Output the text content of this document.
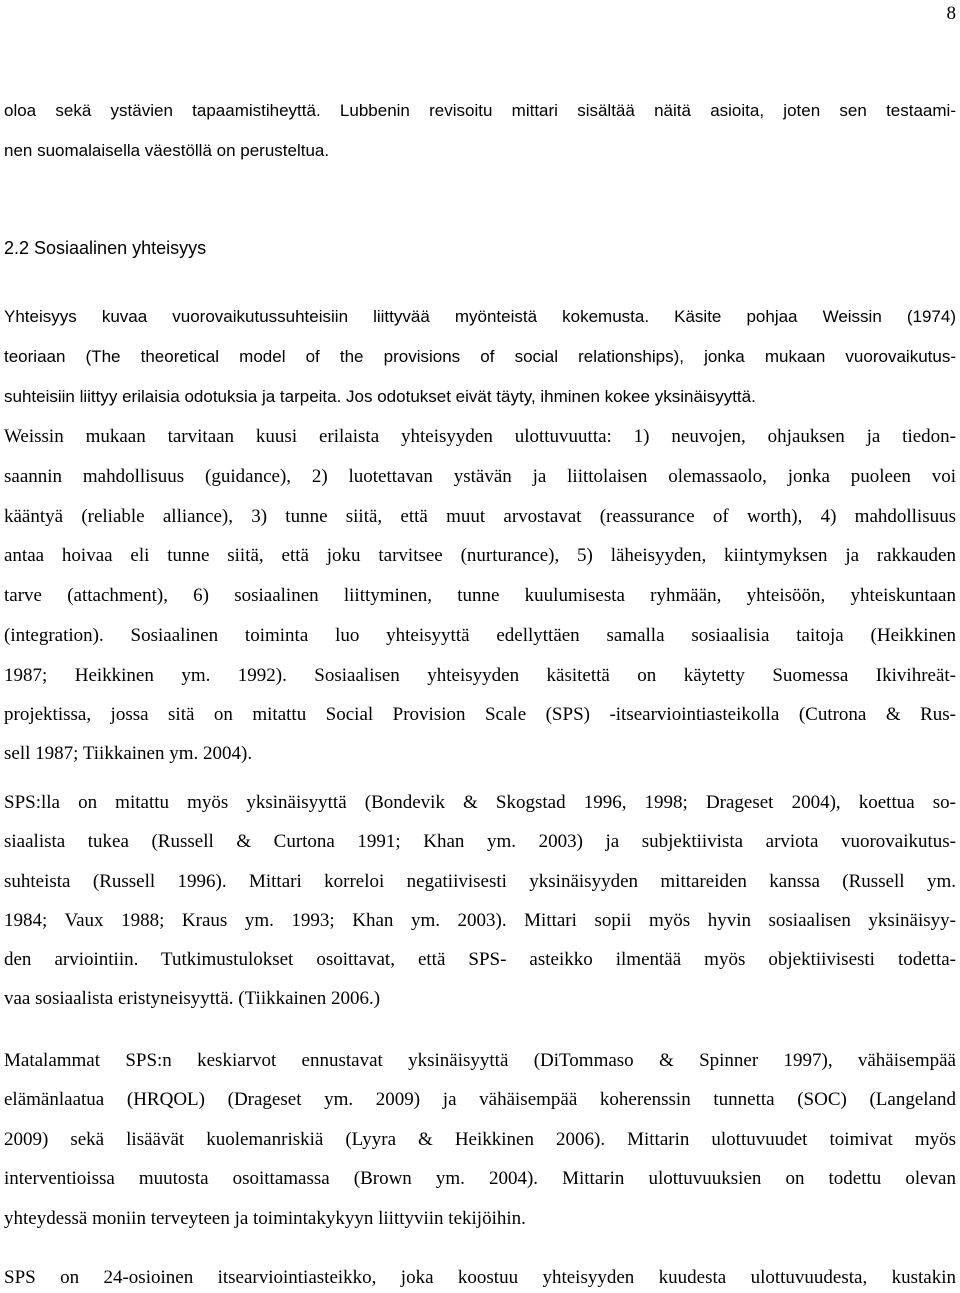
8
oloa sekä ystävien tapaamistiheyttä. Lubbenin revisoitu mittari sisältää näitä asioita, joten sen testaami-
nen suomalaisella väestöllä on perusteltua.
2.2 Sosiaalinen yhteisyys
Yhteisyys kuvaa vuorovaikutussuhteisiin liittyvää myönteistä kokemusta. Käsite pohjaa Weissin (1974)
teoriaan (The theoretical model of the provisions of social relationships), jonka mukaan vuorovaikutus-
suhteisiin liittyy erilaisia odotuksia ja tarpeita. Jos odotukset eivät täyty, ihminen kokee yksinäisyyttä.
Weissin mukaan tarvitaan kuusi erilaista yhteisyyden ulottuvuutta: 1) neuvojen, ohjauksen ja tiedon-
saannin mahdollisuus (guidance), 2) luotettavan ystävän ja liittolaisen olemassaolo, jonka puoleen voi
kääntyä (reliable alliance), 3) tunne siitä, että muut arvostavat (reassurance of worth), 4) mahdollisuus
antaa hoivaa eli tunne siitä, että joku tarvitsee (nurturance), 5) läheisyyden, kiintymyksen ja rakkauden
tarve (attachment), 6) sosiaalinen liittyminen, tunne kuulumisesta ryhmään, yhteisöön, yhteiskuntaan
(integration). Sosiaalinen toiminta luo yhteisyyttä edellyttäen samalla sosiaalisia taitoja (Heikkinen
1987; Heikkinen ym. 1992). Sosiaalisen yhteisyyden käsitettä on käytetty Suomessa Ikivihreät-
projektissa, jossa sitä on mitattu Social Provision Scale (SPS) -itsearviointiasteikolla (Cutrona & Rus-
sell 1987; Tiikkainen ym. 2004).
SPS:lla on mitattu myös yksinäisyyttä (Bondevik & Skogstad 1996, 1998; Drageset 2004), koettua so-
siaalista tukea (Russell & Curtona 1991; Khan ym. 2003) ja subjektiivista arviota vuorovaikutus-
suhteista (Russell 1996). Mittari korreloi negatiivisesti yksinäisyyden mittareiden kanssa (Russell ym.
1984; Vaux 1988; Kraus ym. 1993; Khan ym. 2003). Mittari sopii myös hyvin sosiaalisen yksinäisyy-
den arviointiin. Tutkimustulokset osoittavat, että SPS- asteikko ilmentää myös objektiivisesti todetta-
vaa sosiaalista eristyneisyyttä. (Tiikkainen 2006.)
Matalammat SPS:n keskiarvot ennustavat yksinäisyyttä (DiTommaso & Spinner 1997), vähäisempää
elämänlaatua (HRQOL) (Drageset ym. 2009) ja vähäisempää koherenssin tunnetta (SOC) (Langeland
2009) sekä lisäävät kuolemanriskiä (Lyyra & Heikkinen 2006). Mittarin ulottuvuudet toimivat myös
interventioissa muutosta osoittamassa (Brown ym. 2004). Mittarin ulottuvuuksien on todettu olevan
yhteydessä moniin terveyteen ja toimintakykyyn liittyviin tekijöihin.
SPS on 24-osioinen itsearviointiasteikko, joka koostuu yhteisyyden kuudesta ulottuvuudesta, kustakin
